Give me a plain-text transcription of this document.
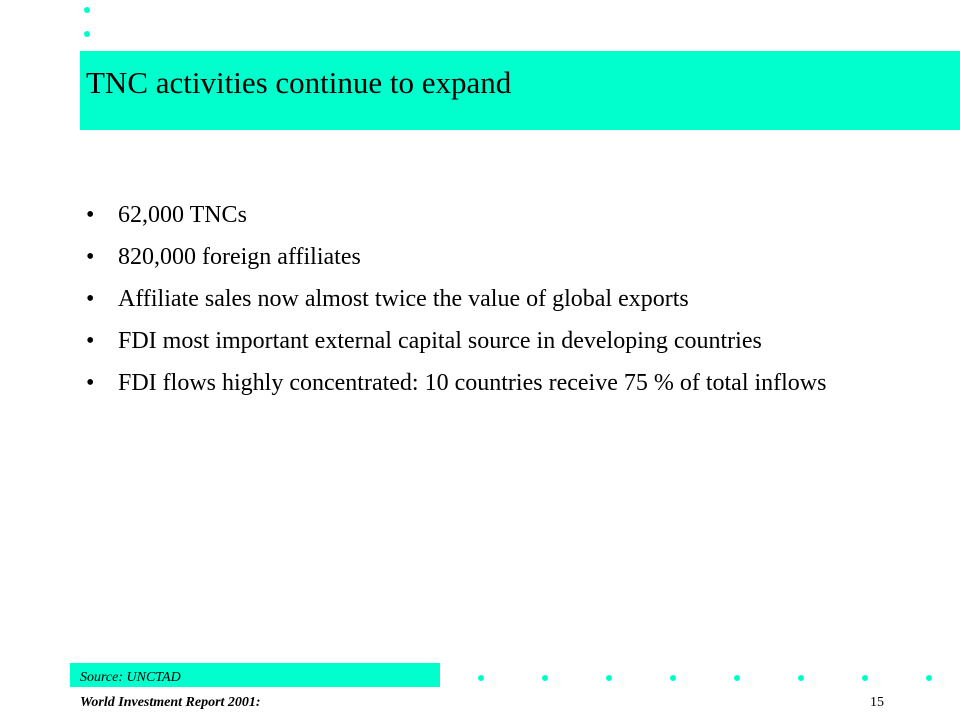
TNC activities continue to expand
• 62,000 TNCs
• 820,000 foreign affiliates
• Affiliate sales now almost twice the value of global exports
• FDI most important external capital source in developing countries
• FDI flows highly concentrated: 10 countries receive 75 % of total inflows
Source: UNCTAD
World Investment Report 2001:	15
